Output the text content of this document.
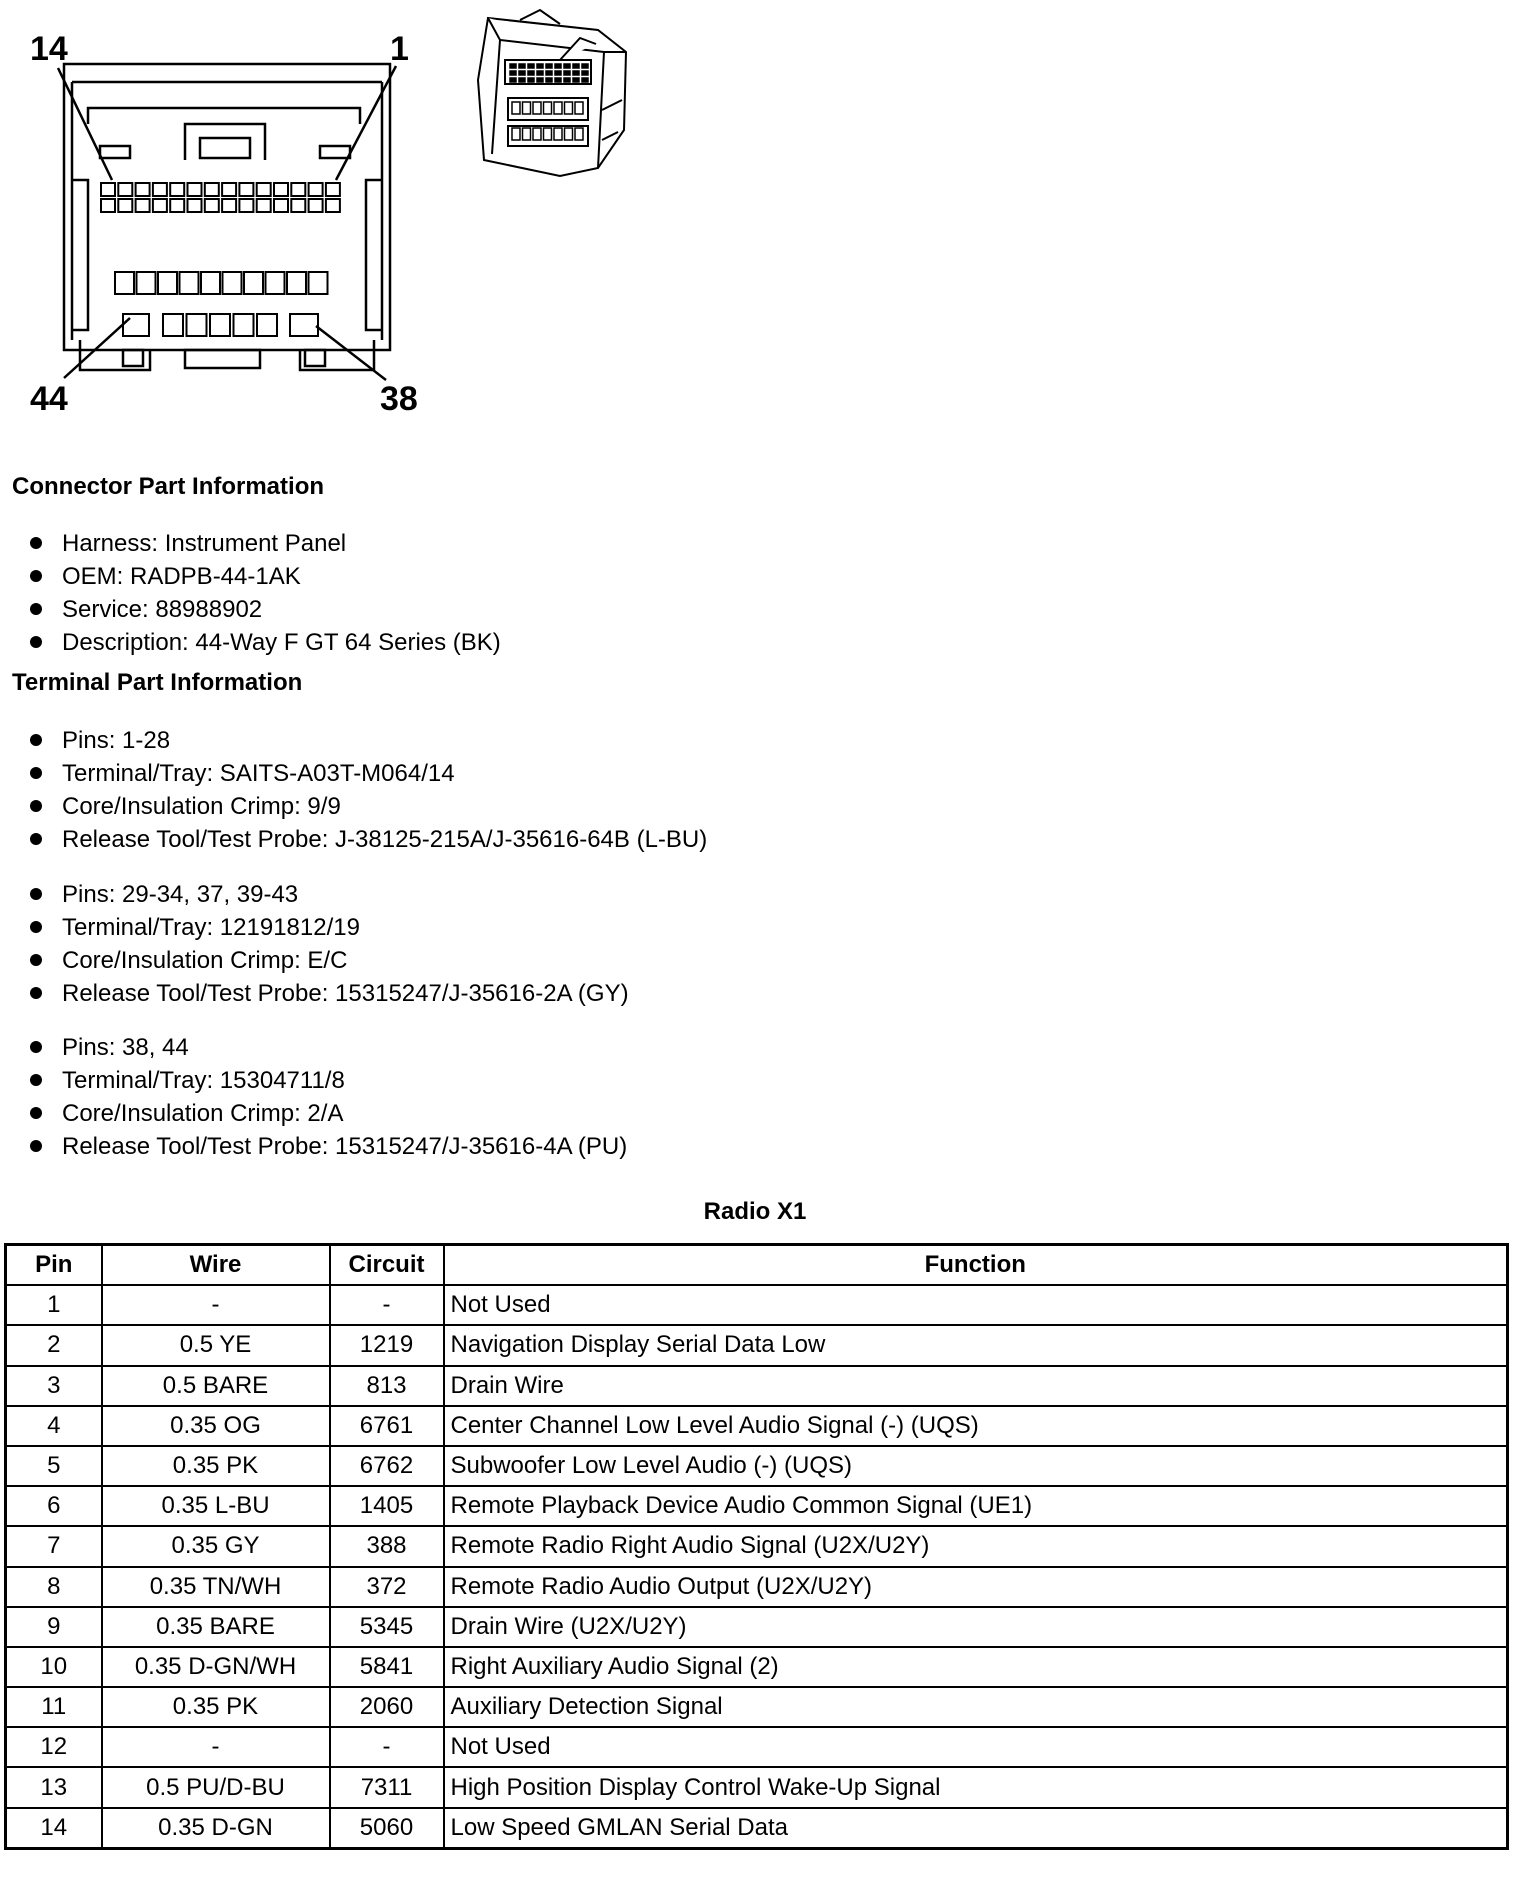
14	1
44	38
Connector Part Information
Harness: Instrument Panel
OEM: RADPB-44-1AK
Service: 88988902
Description: 44-Way F GT 64 Series (BK)
Terminal Part Information
Pins: 1-28
Terminal/Tray: SAITS-A03T-M064/14
Core/Insulation Crimp: 9/9
Release Tool/Test Probe: J-38125-215A/J-35616-64B (L-BU)
Pins: 29-34, 37, 39-43
Terminal/Tray: 12191812/19
Core/Insulation Crimp: E/C
Release Tool/Test Probe: 15315247/J-35616-2A (GY)
Pins: 38, 44
Terminal/Tray: 15304711/8
Core/Insulation Crimp: 2/A
Release Tool/Test Probe: 15315247/J-35616-4A (PU)
Radio X1
Pin	Wire	Circuit	Function
1	-	-	Not Used
2	0.5 YE	1219	Navigation Display Serial Data Low
3	0.5 BARE	813	Drain Wire
4	0.35 OG	6761	Center Channel Low Level Audio Signal (-) (UQS)
5	0.35 PK	6762	Subwoofer Low Level Audio (-) (UQS)
6	0.35 L-BU	1405	Remote Playback Device Audio Common Signal (UE1)
7	0.35 GY	388	Remote Radio Right Audio Signal (U2X/U2Y)
8	0.35 TN/WH	372	Remote Radio Audio Output (U2X/U2Y)
9	0.35 BARE	5345	Drain Wire (U2X/U2Y)
10	0.35 D-GN/WH	5841	Right Auxiliary Audio Signal (2)
11	0.35 PK	2060	Auxiliary Detection Signal
12	-	-	Not Used
13	0.5 PU/D-BU	7311	High Position Display Control Wake-Up Signal
14	0.35 D-GN	5060	Low Speed GMLAN Serial Data
